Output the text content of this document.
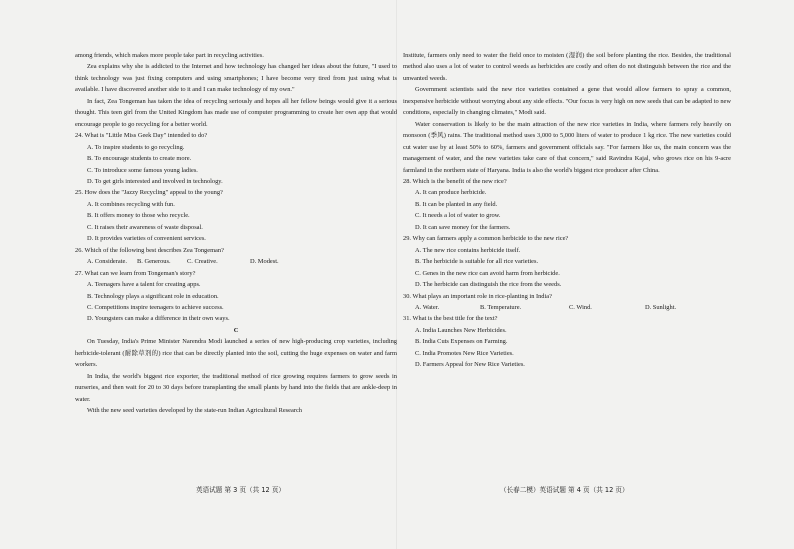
among friends, which makes more people take part in recycling activities.
Zea explains why she is addicted to the Internet and how technology has changed her ideas about the future, "I used to think technology was just fixing computers and using smartphones; I have become very tired from just using what is available. I have discovered another side to it and I can make technology of my own."
In fact, Zea Tongeman has taken the idea of recycling seriously and hopes all her fellow beings would give it a serious thought. This teen girl from the United Kingdom has made use of computer programming to create her own app that would encourage people to go recycling for a better world.
24. What is "Little Miss Geek Day" intended to do?
A. To inspire students to go recycling.
B. To encourage students to create more.
C. To introduce some famous young ladies.
D. To get girls interested and involved in technology.
25. How does the "Jazzy Recycling" appeal to the young?
A. It combines recycling with fun.
B. It offers money to those who recycle.
C. It raises their awareness of waste disposal.
D. It provides varieties of convenient services.
26. Which of the following best describes Zea Tongeman?
A. Considerate.	B. Generous.	C. Creative.	D. Modest.
27. What can we learn from Tongeman's story?
A. Teenagers have a talent for creating apps.
B. Technology plays a significant role in education.
C. Competitions inspire teenagers to achieve success.
D. Youngsters can make a difference in their own ways.
C
On Tuesday, India's Prime Minister Narendra Modi launched a series of new high-producing crop varieties, including herbicide-tolerant (耐除草剂的) rice that can be directly planted into the soil, cutting the huge expenses on water and farm workers.
In India, the world's biggest rice exporter, the traditional method of rice growing requires farmers to grow seeds in nurseries, and then wait for 20 to 30 days before transplanting the small plants by hand into the fields that are ankle-deep in water.
With the new seed varieties developed by the state-run Indian Agricultural Research
Institute, farmers only need to water the field once to moisten (湿润) the soil before planting the rice. Besides, the traditional method also uses a lot of water to control weeds as herbicides are costly and often do not distinguish between the rice and the unwanted weeds.
Government scientists said the new rice varieties contained a gene that would allow farmers to spray a common, inexpensive herbicide without worrying about any side effects. "Our focus is very high on new seeds that can be adapted to new conditions, especially in changing climates," Modi said.
Water conservation is likely to be the main attraction of the new rice varieties in India, where farmers rely heavily on monsoon (季风) rains. The traditional method uses 3,000 to 5,000 liters of water to produce 1 kg rice. The new varieties could cut water use by at least 50% to 60%, farmers and government officials say. "For farmers like us, the main concern was the management of water, and the new varieties take care of that concern," said Ravindra Kajal, who grows rice on his 9-acre farmland in the northern state of Haryana. India is also the world's biggest rice producer after China.
28. Which is the benefit of the new rice?
A. It can produce herbicide.
B. It can be planted in any field.
C. It needs a lot of water to grow.
D. It can save money for the farmers.
29. Why can farmers apply a common herbicide to the new rice?
A. The new rice contains herbicide itself.
B. The herbicide is suitable for all rice varieties.
C. Genes in the new rice can avoid harm from herbicide.
D. The herbicide can distinguish the rice from the weeds.
30. What plays an important role in rice-planting in India?
A. Water.	B. Temperature.	C. Wind.	D. Sunlight.
31. What is the best title for the text?
A. India Launches New Herbicides.
B. India Cuts Expenses on Farming.
C. India Promotes New Rice Varieties.
D. Farmers Appeal for New Rice Varieties.
英语试题 第 3 页（共 12 页）	（长春二模）英语试题 第 4 页（共 12 页）
